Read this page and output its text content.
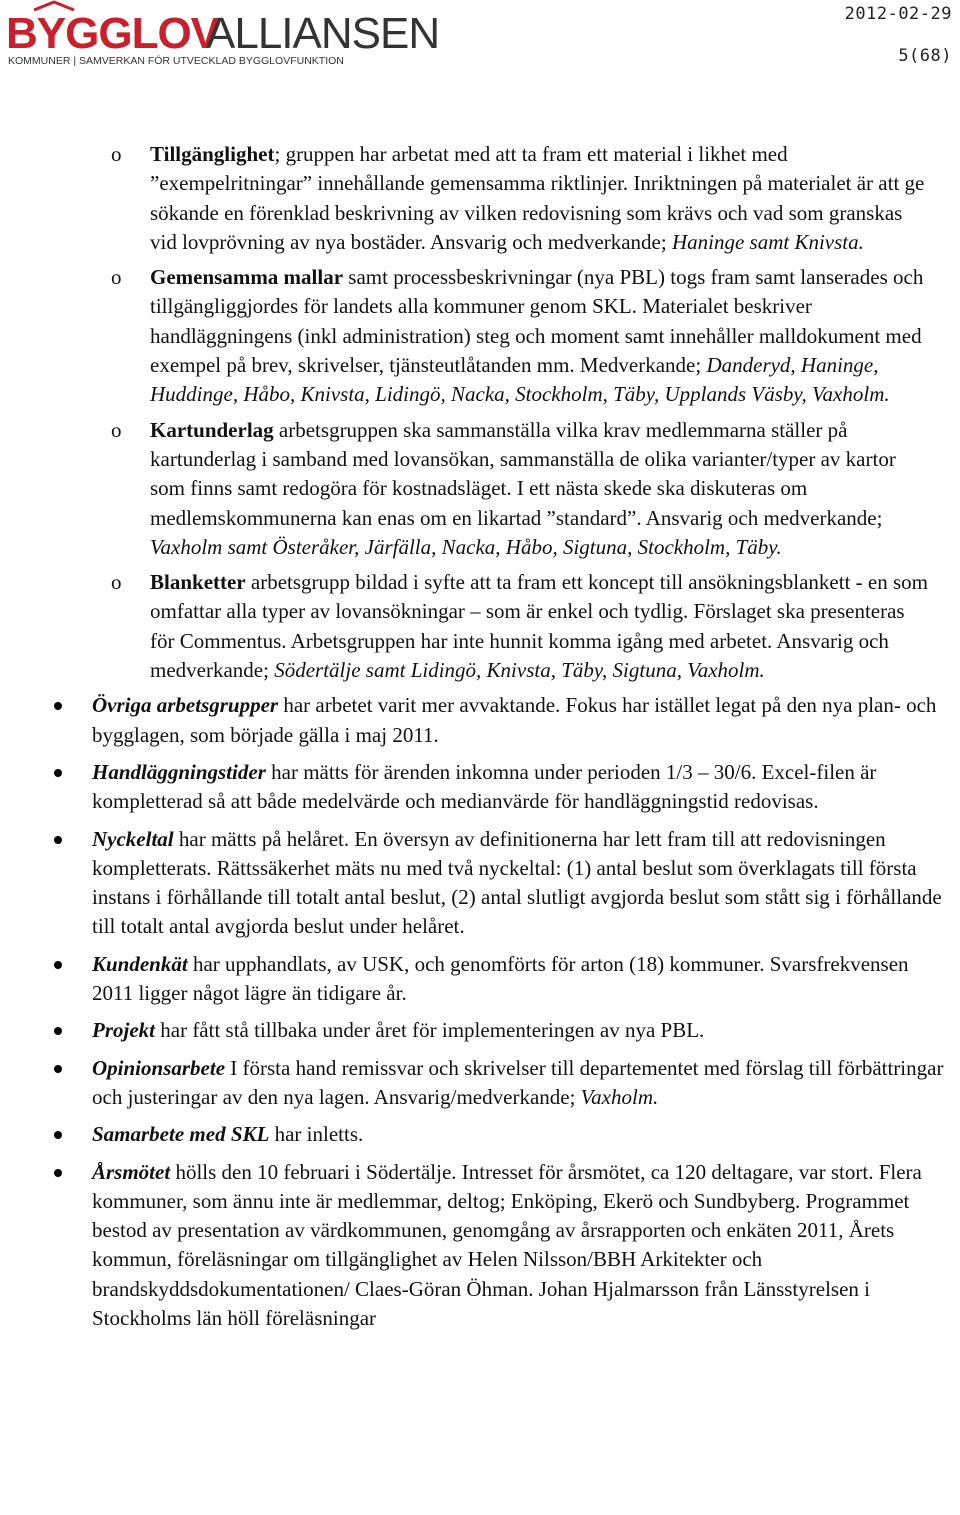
BYGGLOV
ALLIANSEN
KOMMUNER | SAMVERKAN FÖR UTVECKLAD BYGGLOVFUNKTION
2012-02-29
5(68)
o Tillgänglighet; gruppen har arbetat med att ta fram ett material i likhet med ”exempelritningar” innehållande gemensamma riktlinjer. Inriktningen på materialet är att ge sökande en förenklad beskrivning av vilken redovisning som krävs och vad som granskas vid lovprövning av nya bostäder. Ansvarig och medverkande; Haninge samt Knivsta.
o Gemensamma mallar samt processbeskrivningar (nya PBL) togs fram samt lanserades och tillgängliggjordes för landets alla kommuner genom SKL. Materialet beskriver handläggningens (inkl administration) steg och moment samt innehåller malldokument med exempel på brev, skrivelser, tjänsteutlåtanden mm. Medverkande; Danderyd, Haninge, Huddinge, Håbo, Knivsta, Lidingö, Nacka, Stockholm, Täby, Upplands Väsby, Vaxholm.
o Kartunderlag arbetsgruppen ska sammanställa vilka krav medlemmarna ställer på kartunderlag i samband med lovansökan, sammanställa de olika varianter/typer av kartor som finns samt redogöra för kostnadsläget. I ett nästa skede ska diskuteras om medlemskommunerna kan enas om en likartad ”standard”. Ansvarig och medverkande; Vaxholm samt Österåker, Järfälla, Nacka, Håbo, Sigtuna, Stockholm, Täby.
o Blanketter arbetsgrupp bildad i syfte att ta fram ett koncept till ansökningsblankett - en som omfattar alla typer av lovansökningar – som är enkel och tydlig. Förslaget ska presenteras för Commentus. Arbetsgruppen har inte hunnit komma igång med arbetet. Ansvarig och medverkande; Södertälje samt Lidingö, Knivsta, Täby, Sigtuna, Vaxholm.
Övriga arbetsgrupper har arbetet varit mer avvaktande. Fokus har istället legat på den nya plan- och bygglagen, som började gälla i maj 2011.
Handläggningstider har mätts för ärenden inkomna under perioden 1/3 – 30/6. Excel-filen är kompletterad så att både medelvärde och medianvärde för handläggningstid redovisas.
Nyckeltal har mätts på helåret. En översyn av definitionerna har lett fram till att redovisningen kompletterats. Rättssäkerhet mäts nu med två nyckeltal: (1) antal beslut som överklagats till första instans i förhållande till totalt antal beslut, (2) antal slutligt avgjorda beslut som stått sig i förhållande till totalt antal avgjorda beslut under helåret.
Kundenkät har upphandlats, av USK, och genomförts för arton (18) kommuner. Svarsfrekvensen 2011 ligger något lägre än tidigare år.
Projekt har fått stå tillbaka under året för implementeringen av nya PBL.
Opinionsarbete I första hand remissvar och skrivelser till departementet med förslag till förbättringar och justeringar av den nya lagen. Ansvarig/medverkande; Vaxholm.
Samarbete med SKL har inletts.
Årsmötet hölls den 10 februari i Södertälje. Intresset för årsmötet, ca 120 deltagare, var stort. Flera kommuner, som ännu inte är medlemmar, deltog; Enköping, Ekerö och Sundbyberg. Programmet bestod av presentation av värdkommunen, genomgång av årsrapporten och enkäten 2011, Årets kommun, föreläsningar om tillgänglighet av Helen Nilsson/BBH Arkitekter och brandskyddsdokumentationen/ Claes-Göran Öhman. Johan Hjalmarsson från Länsstyrelsen i Stockholms län höll föreläsningar
